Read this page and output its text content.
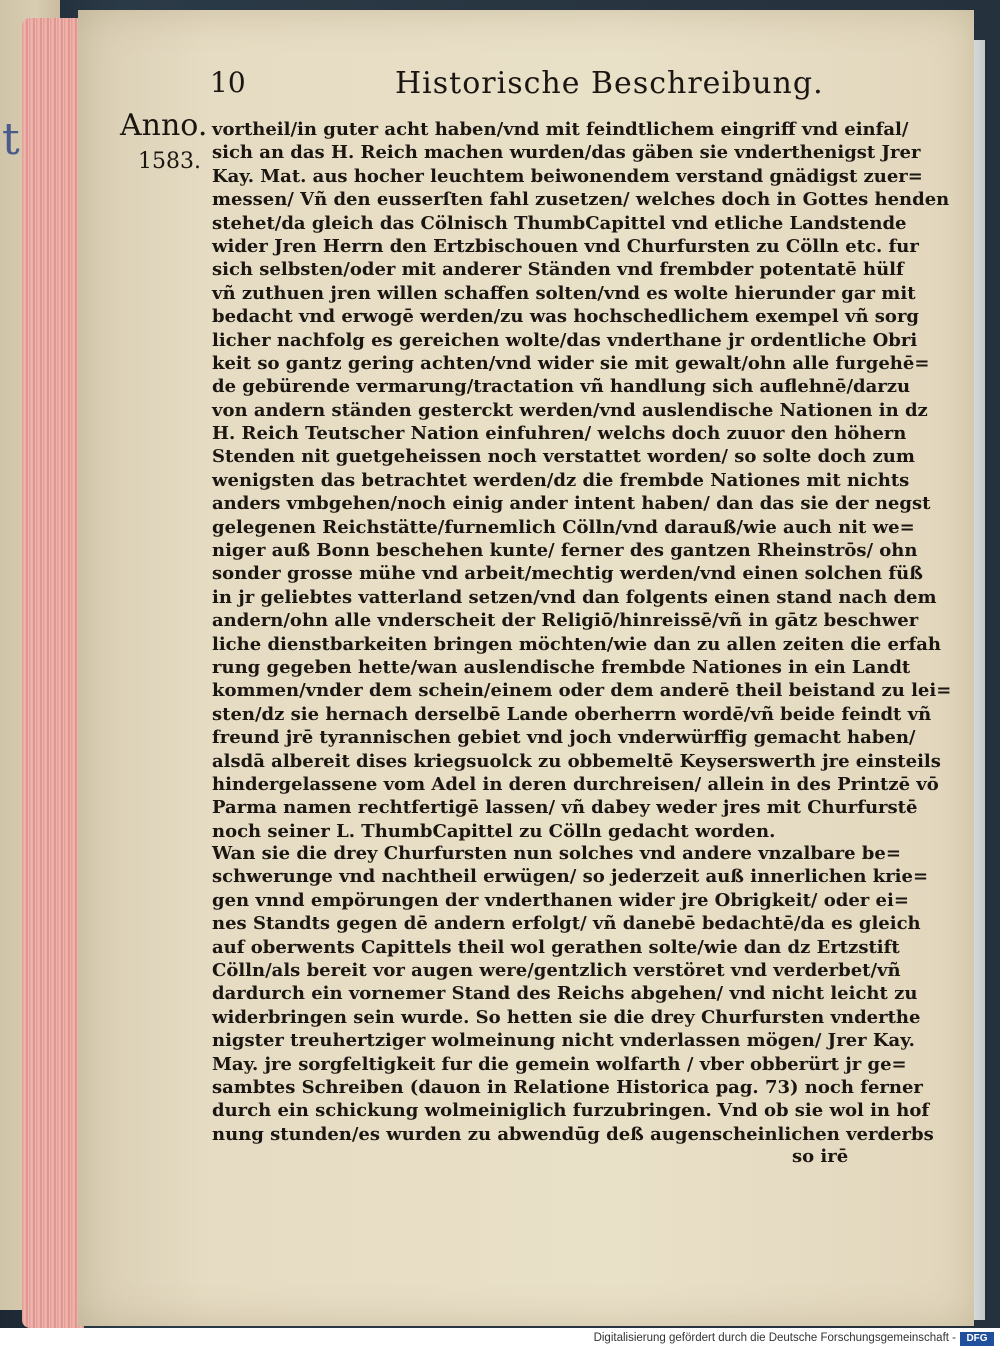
t
10	Historische Beschreibung.
Anno.
1583.
vortheil/in guter acht haben/vnd mit feindtlichem eingriff vnd einfal/
sich an das H. Reich machen wurden/das gäben sie vnderthenigst Jrer
Kay. Mat. aus hocher leuchtem beiwonendem verstand gnädigst zuer=
messen/ Vñ den eusserſten fahl zusetzen/ welches doch in Gottes henden
stehet/da gleich das Cölnisch ThumbCapittel vnd etliche Landstende
wider Jren Herrn den Ertzbischouen vnd Churfursten zu Cölln etc. fur
sich selbsten/oder mit anderer Ständen vnd frembder potentatē hülf
vñ zuthuen jren willen schaffen solten/vnd es wolte hierunder gar mit
bedacht vnd erwogē werden/zu was hochschedlichem exempel vñ sorg
licher nachfolg es gereichen wolte/das vnderthane jr ordentliche Obri
keit so gantz gering achten/vnd wider sie mit gewalt/ohn alle furgehē=
de gebürende vermarung/tractation vñ handlung sich auflehnē/darzu
von andern ständen gesterckt werden/vnd auslendische Nationen in dz
H. Reich Teutscher Nation einfuhren/ welchs doch zuuor den höhern
Stenden nit guetgeheissen noch verstattet worden/ so solte doch zum
wenigsten das betrachtet werden/dz die frembde Nationes mit nichts
anders vmbgehen/noch einig ander intent haben/ dan das sie der negst
gelegenen Reichstätte/furnemlich Cölln/vnd darauß/wie auch nit we=
niger auß Bonn beschehen kunte/ ferner des gantzen Rheinstrōs/ ohn
sonder grosse mühe vnd arbeit/mechtig werden/vnd einen solchen füß
in jr geliebtes vatterland setzen/vnd dan folgents einen stand nach dem
andern/ohn alle vnderscheit der Religiō/hinreissē/vñ in gātz beschwer
liche dienstbarkeiten bringen möchten/wie dan zu allen zeiten die erfah
rung gegeben hette/wan auslendische frembde Nationes in ein Landt
kommen/vnder dem schein/einem oder dem anderē theil beistand zu lei=
sten/dz sie hernach derselbē Lande oberherrn wordē/vñ beide feindt vñ
freund jrē tyrannischen gebiet vnd joch vnderwürffig gemacht haben/
alsdā albereit dises kriegsuolck zu obbemeltē Keyserswerth jre einsteils
hindergelassene vom Adel in deren durchreisen/ allein in des Printzē vō
Parma namen rechtfertigē lassen/ vñ dabey weder jres mit Churfurstē
noch seiner L. ThumbCapittel zu Cölln gedacht worden.
Wan sie die drey Churfursten nun solches vnd andere vnzalbare be=
schwerunge vnd nachtheil erwügen/ so jederzeit auß innerlichen krie=
gen vnnd empörungen der vnderthanen wider jre Obrigkeit/ oder ei=
nes Standts gegen dē andern erfolgt/ vñ danebē bedachtē/da es gleich
auf oberwents Capittels theil wol gerathen solte/wie dan dz Ertzstift
Cölln/als bereit vor augen were/gentzlich verstöret vnd verderbet/vñ
dardurch ein vornemer Stand des Reichs abgehen/ vnd nicht leicht zu
widerbringen sein wurde. So hetten sie die drey Churfursten vnderthe
nigster treuhertziger wolmeinung nicht vnderlassen mögen/ Jrer Kay.
May. jre sorgfeltigkeit fur die gemein wolfarth / vber obberürt jr ge=
sambtes Schreiben (dauon in Relatione Historica pag. 73) noch ferner
durch ein schickung wolmeiniglich furzubringen. Vnd ob sie wol in hof
nung stunden/es wurden zu abwendūg deß augenscheinlichen verderbs
so irē
Digitalisierung gefördert durch die Deutsche Forschungsgemeinschaft -	DFG
